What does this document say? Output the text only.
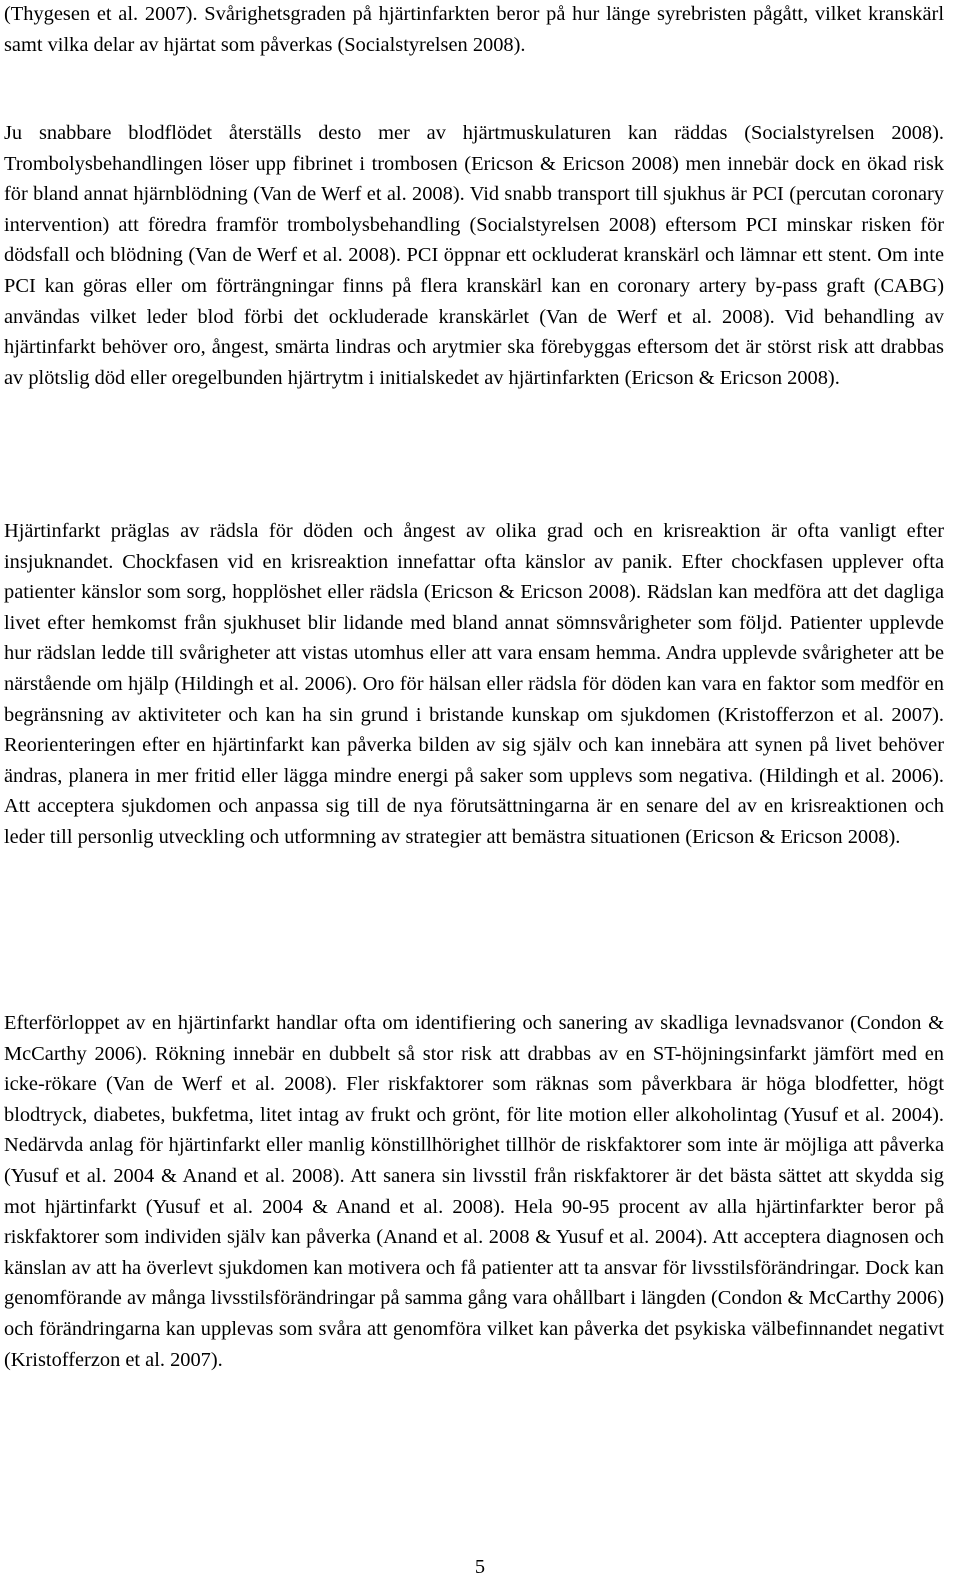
(Thygesen et al. 2007). Svårighetsgraden på hjärtinfarkten beror på hur länge syrebristen pågått, vilket kranskärl samt vilka delar av hjärtat som påverkas (Socialstyrelsen 2008).

Ju snabbare blodflödet återställs desto mer av hjärtmuskulaturen kan räddas (Socialstyrelsen 2008). Trombolysbehandlingen löser upp fibrinet i trombosen (Ericson & Ericson 2008) men innebär dock en ökad risk för bland annat hjärnblödning (Van de Werf et al. 2008). Vid snabb transport till sjukhus är PCI (percutan coronary intervention) att föredra framför trombolysbehandling (Socialstyrelsen 2008) eftersom PCI minskar risken för dödsfall och blödning (Van de Werf et al. 2008). PCI öppnar ett ockluderat kranskärl och lämnar ett stent. Om inte PCI kan göras eller om förträngningar finns på flera kranskärl kan en coronary artery by-pass graft (CABG) användas vilket leder blod förbi det ockluderade kranskärlet (Van de Werf et al. 2008). Vid behandling av hjärtinfarkt behöver oro, ångest, smärta lindras och arytmier ska förebyggas eftersom det är störst risk att drabbas av plötslig död eller oregelbunden hjärtrytm i initialskedet av hjärtinfarkten (Ericson & Ericson 2008).

Hjärtinfarkt präglas av rädsla för döden och ångest av olika grad och en krisreaktion är ofta vanligt efter insjuknandet. Chockfasen vid en krisreaktion innefattar ofta känslor av panik. Efter chockfasen upplever ofta patienter känslor som sorg, hopplöshet eller rädsla (Ericson & Ericson 2008). Rädslan kan medföra att det dagliga livet efter hemkomst från sjukhuset blir lidande med bland annat sömnsvårigheter som följd. Patienter upplevde hur rädslan ledde till svårigheter att vistas utomhus eller att vara ensam hemma. Andra upplevde svårigheter att be närstående om hjälp (Hildingh et al. 2006). Oro för hälsan eller rädsla för döden kan vara en faktor som medför en begränsning av aktiviteter och kan ha sin grund i bristande kunskap om sjukdomen (Kristofferzon et al. 2007). Reorienteringen efter en hjärtinfarkt kan påverka bilden av sig själv och kan innebära att synen på livet behöver ändras, planera in mer fritid eller lägga mindre energi på saker som upplevs som negativa. (Hildingh et al. 2006). Att acceptera sjukdomen och anpassa sig till de nya förutsättningarna är en senare del av en krisreaktionen och leder till personlig utveckling och utformning av strategier att bemästra situationen (Ericson & Ericson 2008).

Efterförloppet av en hjärtinfarkt handlar ofta om identifiering och sanering av skadliga levnadsvanor (Condon & McCarthy 2006). Rökning innebär en dubbelt så stor risk att drabbas av en ST-höjningsinfarkt jämfört med en icke-rökare (Van de Werf et al. 2008). Fler riskfaktorer som räknas som påverkbara är höga blodfetter, högt blodtryck, diabetes, bukfetma, litet intag av frukt och grönt, för lite motion eller alkoholintag (Yusuf et al. 2004). Nedärvda anlag för hjärtinfarkt eller manlig könstillhörighet tillhör de riskfaktorer som inte är möjliga att påverka (Yusuf et al. 2004 & Anand et al. 2008). Att sanera sin livsstil från riskfaktorer är det bästa sättet att skydda sig mot hjärtinfarkt (Yusuf et al. 2004 & Anand et al. 2008). Hela 90-95 procent av alla hjärtinfarkter beror på riskfaktorer som individen själv kan påverka (Anand et al. 2008 & Yusuf et al. 2004). Att acceptera diagnosen och känslan av att ha överlevt sjukdomen kan motivera och få patienter att ta ansvar för livsstilsförändringar. Dock kan genomförande av många livsstilsförändringar på samma gång vara ohållbart i längden (Condon & McCarthy 2006) och förändringarna kan upplevas som svåra att genomföra vilket kan påverka det psykiska välbefinnandet negativt (Kristofferzon et al. 2007).

5
